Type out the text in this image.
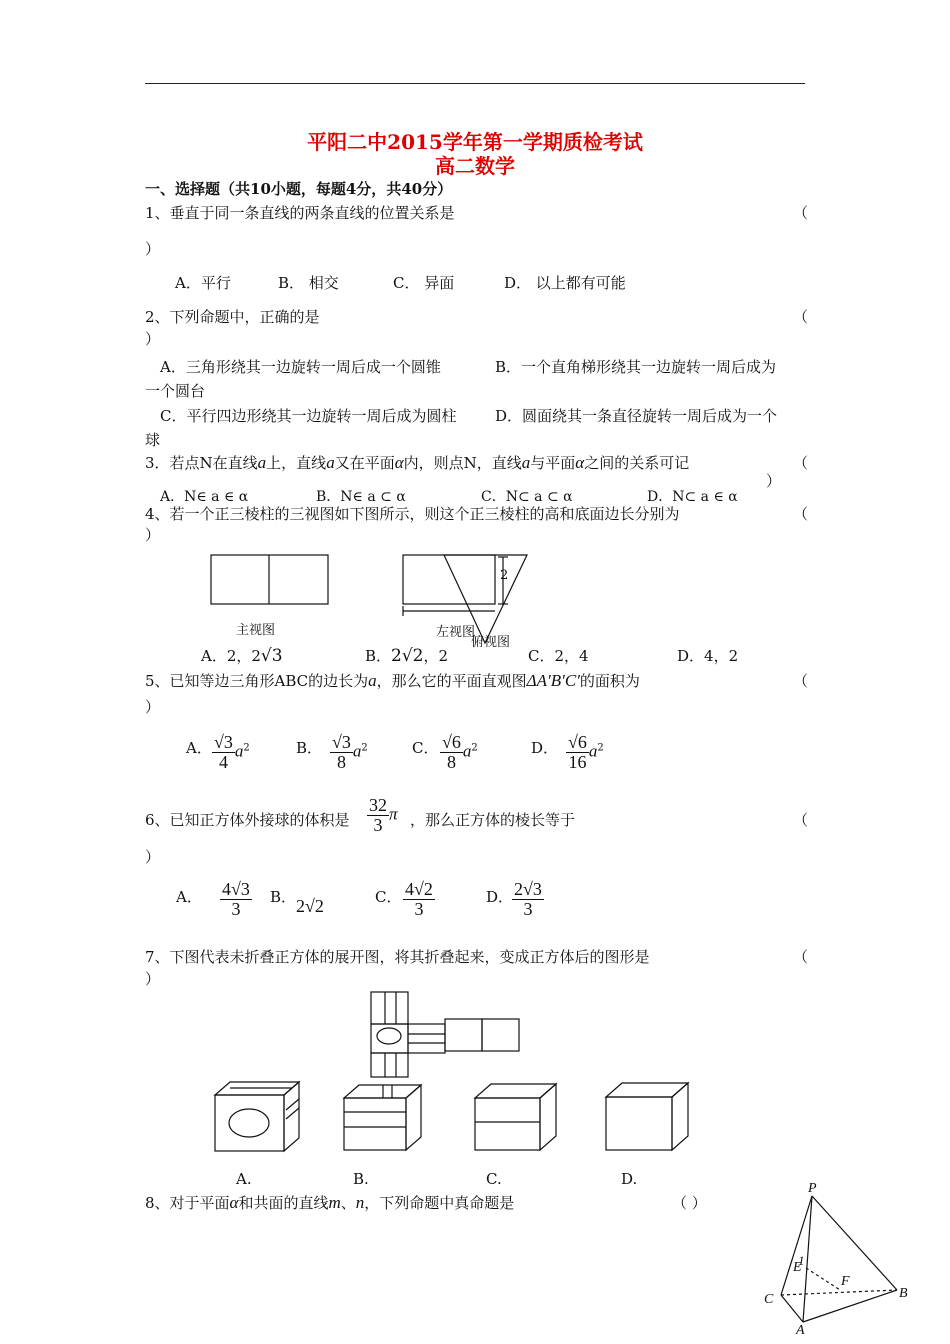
平阳二中2015学年第一学期质检考试
高二数学
一、选择题（共10小题，每题4分，共40分）
1、垂直于同一条直线的两条直线的位置关系是	（
）
A．平行	B． 相交	C． 异面	D． 以上都有可能
2、下列命题中，正确的是	（
）
A．三角形绕其一边旋转一周后成一个圆锥	B．一个直角梯形绕其一边旋转一周后成为
一个圆台
C．平行四边形绕其一边旋转一周后成为圆柱	D．圆面绕其一条直径旋转一周后成为一个
球
3．若点N在直线a上，直线a又在平面α内，则点N，直线a与平面α之间的关系可记	（
）
A．N∈ a ∈ α	B．N∈ a ⊂ α	C．N⊂ a ⊂ α	D．N⊂ a ∈ α
4、若一个正三棱柱的三视图如下图所示，则这个正三棱柱的高和底面边长分别为	（
）
2
主视图	左视图
俯视图
A．2，2√3	B．2√2，2	C．2，4	D．4，2
5、已知等边三角形ABC的边长为a，那么它的平面直观图ΔA′B′C′的面积为	（
）
A． $\frac{√3}{4} a^2$	B． $\frac{√3}{8} a^2$	C． $\frac{√6}{8} a^2$	D． $\frac{√6}{16} a^2$
6、已知正方体外接球的体积是 $\frac{32}{3}$ π ，那么正方体的棱长等于	（
）
A． $\frac{4√3}{3}$ B． 2√2	C． $\frac{4√2}{3}$	D．
$\frac{2√3}{3}$
7、下图代表未折叠正方体的展开图，将其折叠起来，变成正方体后的图形是	（
）
A.	B.	C.	D.
8、对于平面α和共面的直线m、n，下列命题中真命题是	（ ）
P
1
E
F
B
C
A
